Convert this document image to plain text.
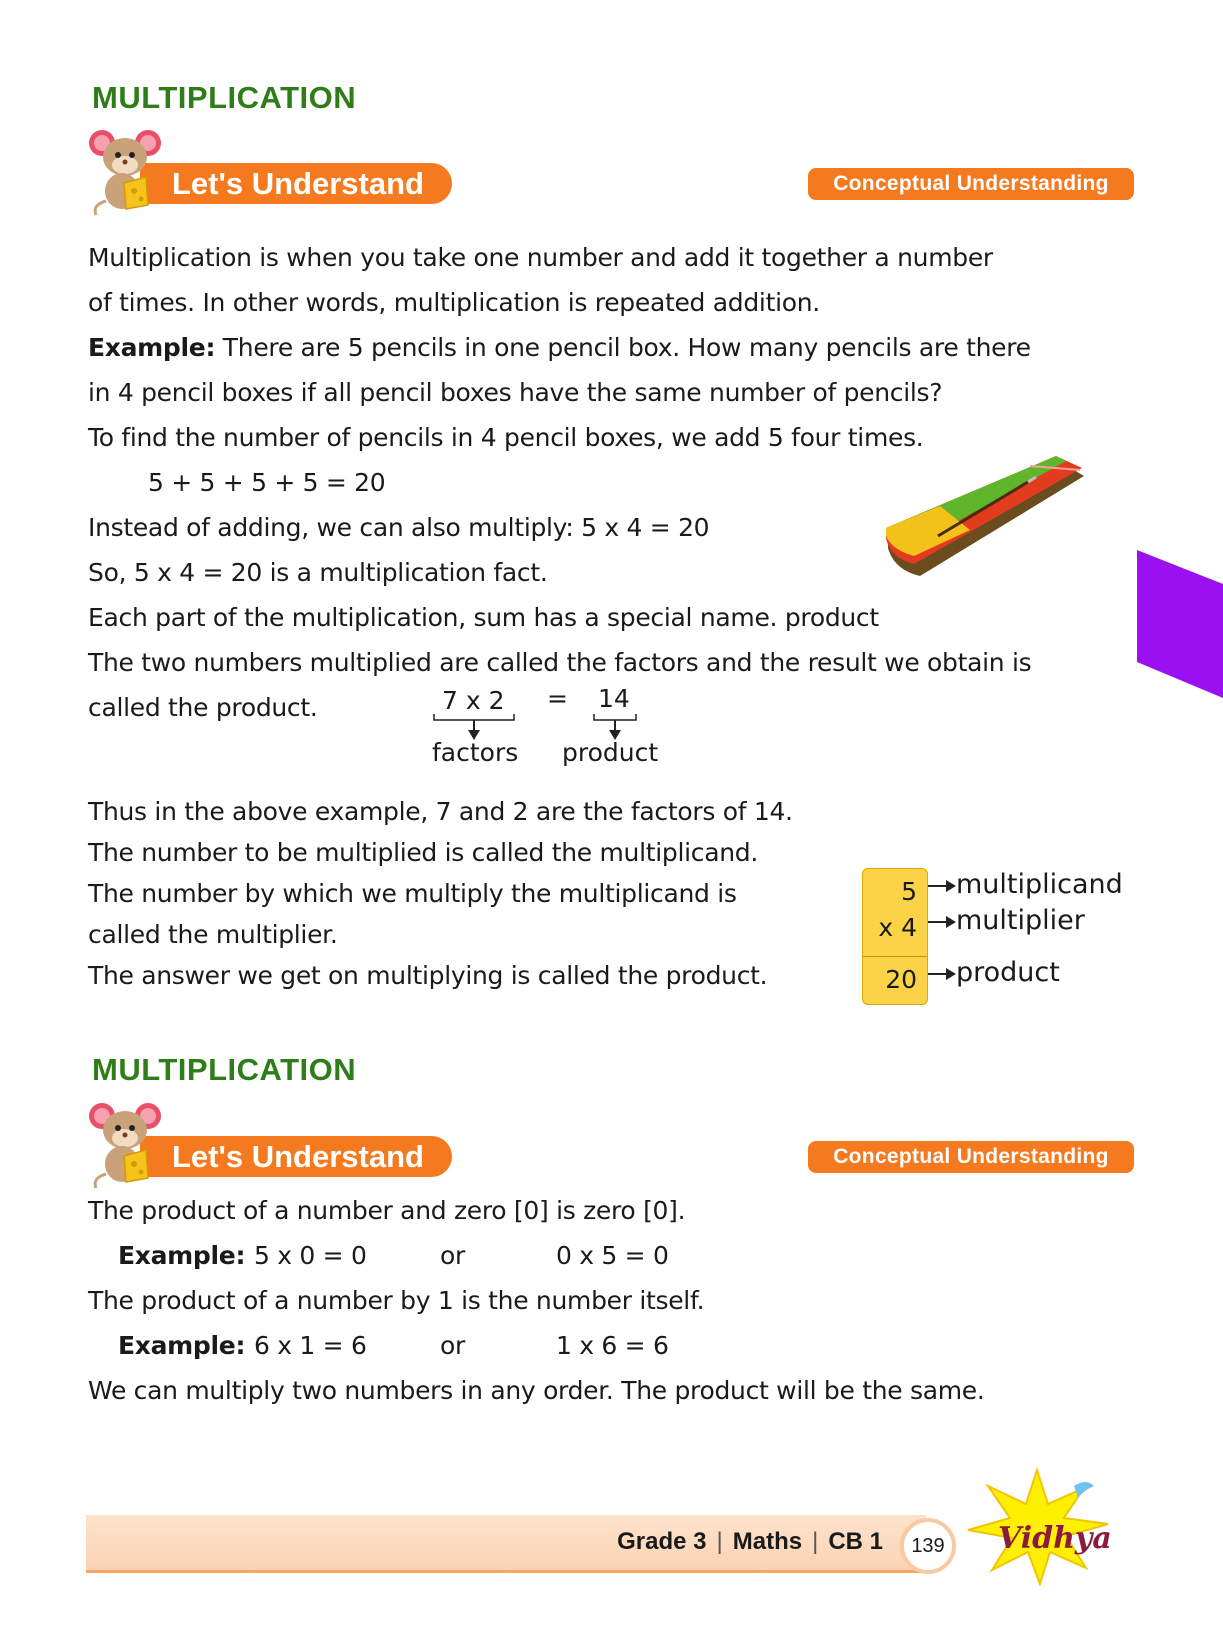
MULTIPLICATION
Let's Understand	Conceptual Understanding
Multiplication is when you take one number and add it together a number
of times. In other words, multiplication is repeated addition.
Example: There are 5 pencils in one pencil box. How many pencils are there
in 4 pencil boxes if all pencil boxes have the same number of pencils?
To find the number of pencils in 4 pencil boxes, we add 5 four times.
5 + 5 + 5 + 5 = 20
Instead of adding, we can also multiply: 5 x 4 = 20
So, 5 x 4 = 20 is a multiplication fact.
Each part of the multiplication, sum has a special name. product
The two numbers multiplied are called the factors and the result we obtain is
called the product.	7 x 2 = 14
factors product
Thus in the above example, 7 and 2 are the factors of 14.
The number to be multiplied is called the multiplicand.
The number by which we multiply the multiplicand is
called the multiplier.
The answer we get on multiplying is called the product.
5
x 4
20
multiplicand
multiplier
product
MULTIPLICATION
Let's Understand	Conceptual Understanding
The product of a number and zero [0] is zero [0].
Example: 5 x 0 = 0	or	0 x 5 = 0
The product of a number by 1 is the number itself.
Example: 6 x 1 = 6	or	1 x 6 = 6
We can multiply two numbers in any order. The product will be the same.
Grade 3 | Maths | CB 1	139	Vidhya
